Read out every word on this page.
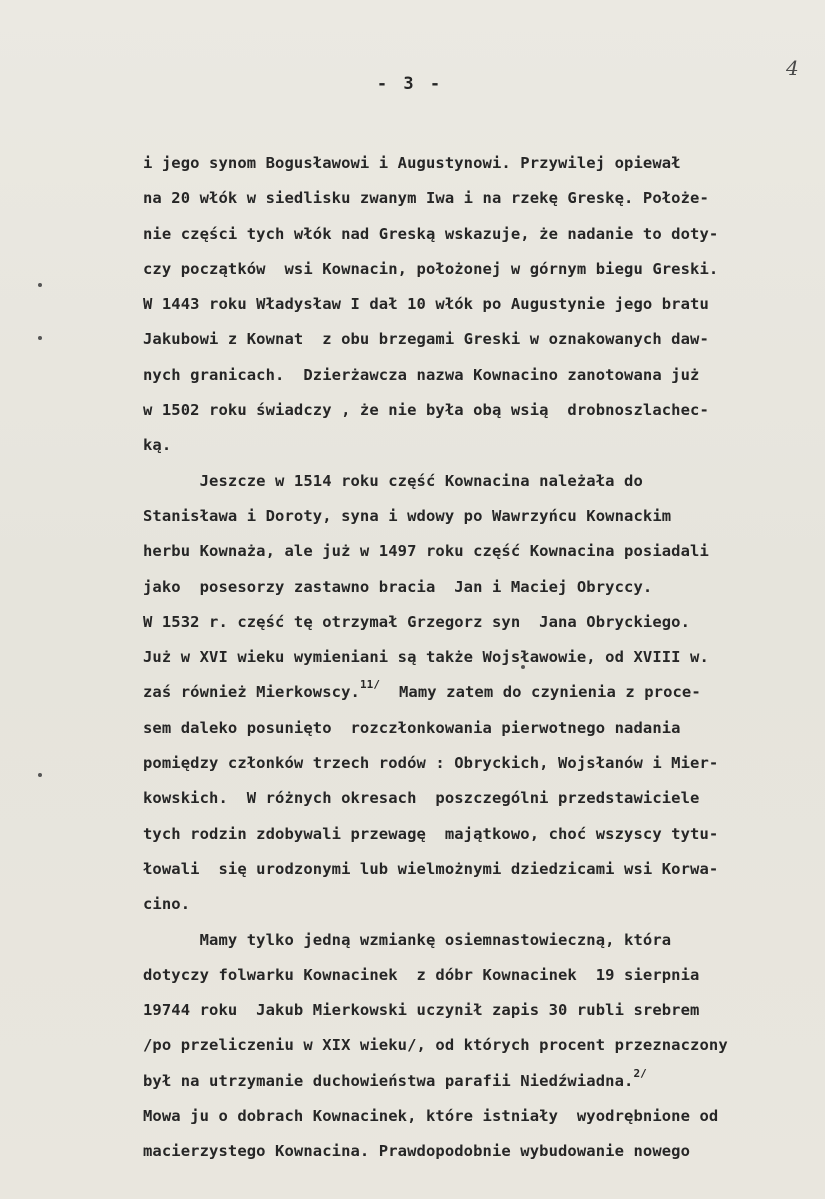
- 3 -
4
i jego synom Bogusławowi i Augustynowi. Przywilej opiewał
na 20 włók w siedlisku zwanym Iwa i na rzekę Greskę. Położe-
nie części tych włók nad Greską wskazuje, że nadanie to doty-
czy początków  wsi Kownacin, położonej w górnym biegu Greski.
W 1443 roku Władysław I dał 10 włók po Augustynie jego bratu
Jakubowi z Kownat  z obu brzegami Greski w oznakowanych daw-
nych granicach.  Dzierżawcza nazwa Kownacino zanotowana już
w 1502 roku świadczy , że nie była obą wsią  drobnoszlachec-
ką.
Jeszcze w 1514 roku część Kownacina należała do
Stanisława i Doroty, syna i wdowy po Wawrzyńcu Kownackim
herbu Kownaża, ale już w 1497 roku część Kownacina posiadali
jako  posesorzy zastawno bracia  Jan i Maciej Obryccy.
W 1532 r. część tę otrzymał Grzegorz syn  Jana Obryckiego.
Już w XVI wieku wymieniani są także Wojsławowie, od XVIII w.
zaś również Mierkowscy.$^{11/}$  Mamy zatem do czynienia z proce-
sem daleko posunięto  rozczłonkowania pierwotnego nadania
pomiędzy członków trzech rodów : Obryckich, Wojsłanów i Mier-
kowskich.  W różnych okresach  poszczególni przedstawiciele
tych rodzin zdobywali przewagę  majątkowo, choć wszyscy tytu-
łowali  się urodzonymi lub wielmożnymi dziedzicami wsi Korwa-
cino.
Mamy tylko jedną wzmiankę osiemnastowieczną, która
dotyczy folwarku Kownacinek  z dóbr Kownacinek  19 sierpnia
19744 roku  Jakub Mierkowski uczynił zapis 30 rubli srebrem
/po przeliczeniu w XIX wieku/, od których procent przeznaczony
był na utrzymanie duchowieństwa parafii Niedźwiadna.$^{2/}$
Mowa ju o dobrach Kownacinek, które istniały  wyodrębnione od
macierzystego Kownacina. Prawdopodobnie wybudowanie nowego
